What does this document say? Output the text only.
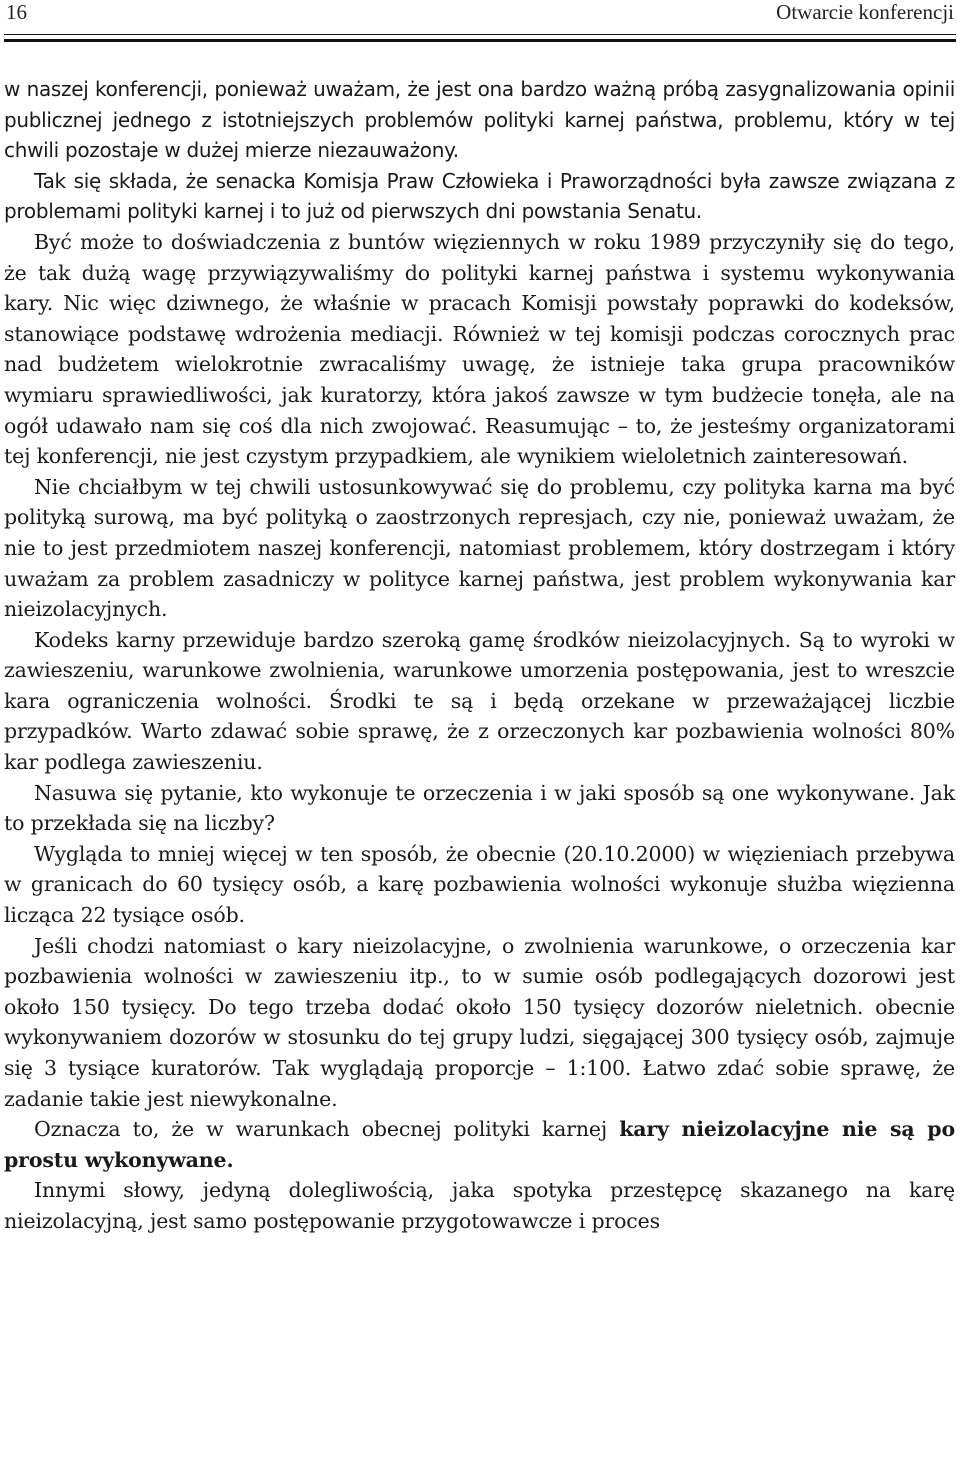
16	Otwarcie konferencji

w naszej konferencji, ponieważ uważam, że jest ona bardzo ważną próbą zasygnalizowania opinii publicznej jednego z istotniejszych problemów polityki karnej państwa, problemu, który w tej chwili pozostaje w dużej mierze niezauważony.

Tak się składa, że senacka Komisja Praw Człowieka i Praworządności była zawsze związana z problemami polityki karnej i to już od pierwszych dni powstania Senatu.

Być może to doświadczenia z buntów więziennych w roku 1989 przyczyniły się do tego, że tak dużą wagę przywiązywaliśmy do polityki karnej państwa i systemu wykonywania kary. Nic więc dziwnego, że właśnie w pracach Komisji powstały poprawki do kodeksów, stanowiące podstawę wdrożenia mediacji. Również w tej komisji podczas corocznych prac nad budżetem wielokrotnie zwracaliśmy uwagę, że istnieje taka grupa pracowników wymiaru sprawiedliwości, jak kuratorzy, która jakoś zawsze w tym budżecie tonęła, ale na ogół udawało nam się coś dla nich zwojować. Reasumując – to, że jesteśmy organizatorami tej konferencji, nie jest czystym przypadkiem, ale wynikiem wieloletnich zainteresowań.

Nie chciałbym w tej chwili ustosunkowywać się do problemu, czy polityka karna ma być polityką surową, ma być polityką o zaostrzonych represjach, czy nie, ponieważ uważam, że nie to jest przedmiotem naszej konferencji, natomiast problemem, który dostrzegam i który uważam za problem zasadniczy w polityce karnej państwa, jest problem wykonywania kar nieizolacyjnych.

Kodeks karny przewiduje bardzo szeroką gamę środków nieizolacyjnych. Są to wyroki w zawieszeniu, warunkowe zwolnienia, warunkowe umorzenia postępowania, jest to wreszcie kara ograniczenia wolności. Środki te są i będą orzekane w przeważającej liczbie przypadków. Warto zdawać sobie sprawę, że z orzeczonych kar pozbawienia wolności 80% kar podlega zawieszeniu.

Nasuwa się pytanie, kto wykonuje te orzeczenia i w jaki sposób są one wykonywane. Jak to przekłada się na liczby?

Wygląda to mniej więcej w ten sposób, że obecnie (20.10.2000) w więzieniach przebywa w granicach do 60 tysięcy osób, a karę pozbawienia wolności wykonuje służba więzienna licząca 22 tysiące osób.

Jeśli chodzi natomiast o kary nieizolacyjne, o zwolnienia warunkowe, o orzeczenia kar pozbawienia wolności w zawieszeniu itp., to w sumie osób podlegających dozorowi jest około 150 tysięcy. Do tego trzeba dodać około 150 tysięcy dozorów nieletnich. obecnie wykonywaniem dozorów w stosunku do tej grupy ludzi, sięgającej 300 tysięcy osób, zajmuje się 3 tysiące kuratorów. Tak wyglądają proporcje – 1:100. Łatwo zdać sobie sprawę, że zadanie takie jest niewykonalne.

Oznacza to, że w warunkach obecnej polityki karnej kary nieizolacyjne nie są po prostu wykonywane.

Innymi słowy, jedyną dolegliwością, jaka spotyka przestępcę skazanego na karę nieizolacyjną, jest samo postępowanie przygotowawcze i proces
